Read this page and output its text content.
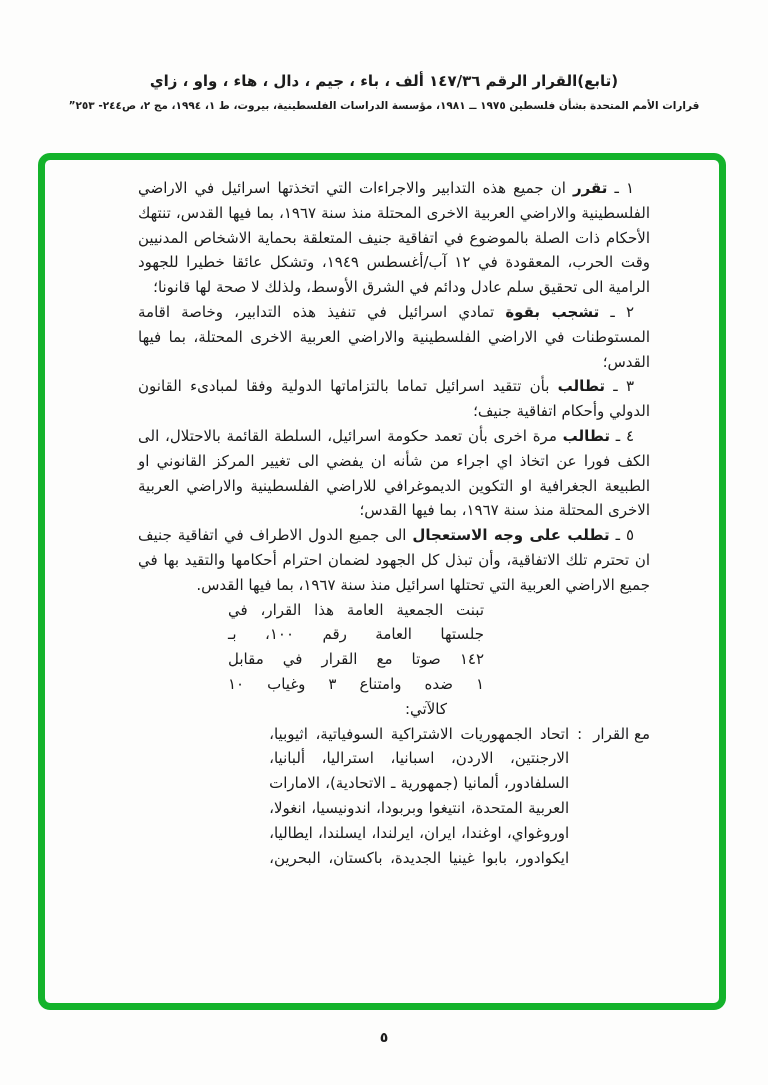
(تابع)القرار الرقم ١٤٧/٣٦ ألف ، باء ، جيم ، دال ، هاء ، واو ، زاي
قرارات الأمم المتحدة بشأن فلسطين ١٩٧٥ ــ ١٩٨١، مؤسسة الدراسات الفلسطينية، بيروت، ط ١، ١٩٩٤، مج ٢، ص٢٤٤- ٢٥٣”

١ ـ تقرر ان جميع هذه التدابير والاجراءات التي اتخذتها اسرائيل في الاراضي الفلسطينية والاراضي العربية الاخرى المحتلة منذ سنة ١٩٦٧، بما فيها القدس، تنتهك الأحكام ذات الصلة بالموضوع في اتفاقية جنيف المتعلقة بحماية الاشخاص المدنيين وقت الحرب، المعقودة في ١٢ آب/أغسطس ١٩٤٩، وتشكل عائقا خطيرا للجهود الرامية الى تحقيق سلم عادل ودائم في الشرق الأوسط، ولذلك لا صحة لها قانونا؛

٢ ـ تشجب بقوة تمادي اسرائيل في تنفيذ هذه التدابير، وخاصة اقامة المستوطنات في الاراضي الفلسطينية والاراضي العربية الاخرى المحتلة، بما فيها القدس؛

٣ ـ تطالب بأن تتقيد اسرائيل تماما بالتزاماتها الدولية وفقا لمبادىء القانون الدولي وأحكام اتفاقية جنيف؛

٤ ـ تطالب مرة اخرى بأن تعمد حكومة اسرائيل، السلطة القائمة بالاحتلال، الى الكف فورا عن اتخاذ اي اجراء من شأنه ان يفضي الى تغيير المركز القانوني او الطبيعة الجغرافية او التكوين الديموغرافي للاراضي الفلسطينية والاراضي العربية الاخرى المحتلة منذ سنة ١٩٦٧، بما فيها القدس؛

٥ ـ تطلب على وجه الاستعجال الى جميع الدول الاطراف في اتفاقية جنيف ان تحترم تلك الاتفاقية، وأن تبذل كل الجهود لضمان احترام أحكامها والتقيد بها في جميع الاراضي العربية التي تحتلها اسرائيل منذ سنة ١٩٦٧، بما فيها القدس.

تبنت الجمعية العامة هذا القرار، في
جلستها العامة رقم ١٠٠، بـ
١٤٢ صوتا مع القرار في مقابل
١ ضده وامتناع ٣ وغياب ١٠
كالآتي:
مع القرار
:
اتحاد الجمهوريات الاشتراكية السوفياتية، اثيوبيا، الارجنتين، الاردن، اسبانيا، استراليا، ألبانيا، السلفادور، ألمانيا (جمهورية ـ الاتحادية)، الامارات العربية المتحدة، انتيغوا وبربودا، اندونيسيا، انغولا، اوروغواي، اوغندا، ايران، ايرلندا، ايسلندا، ايطاليا، ايكوادور، بابوا غينيا الجديدة، باكستان، البحرين،
٥
